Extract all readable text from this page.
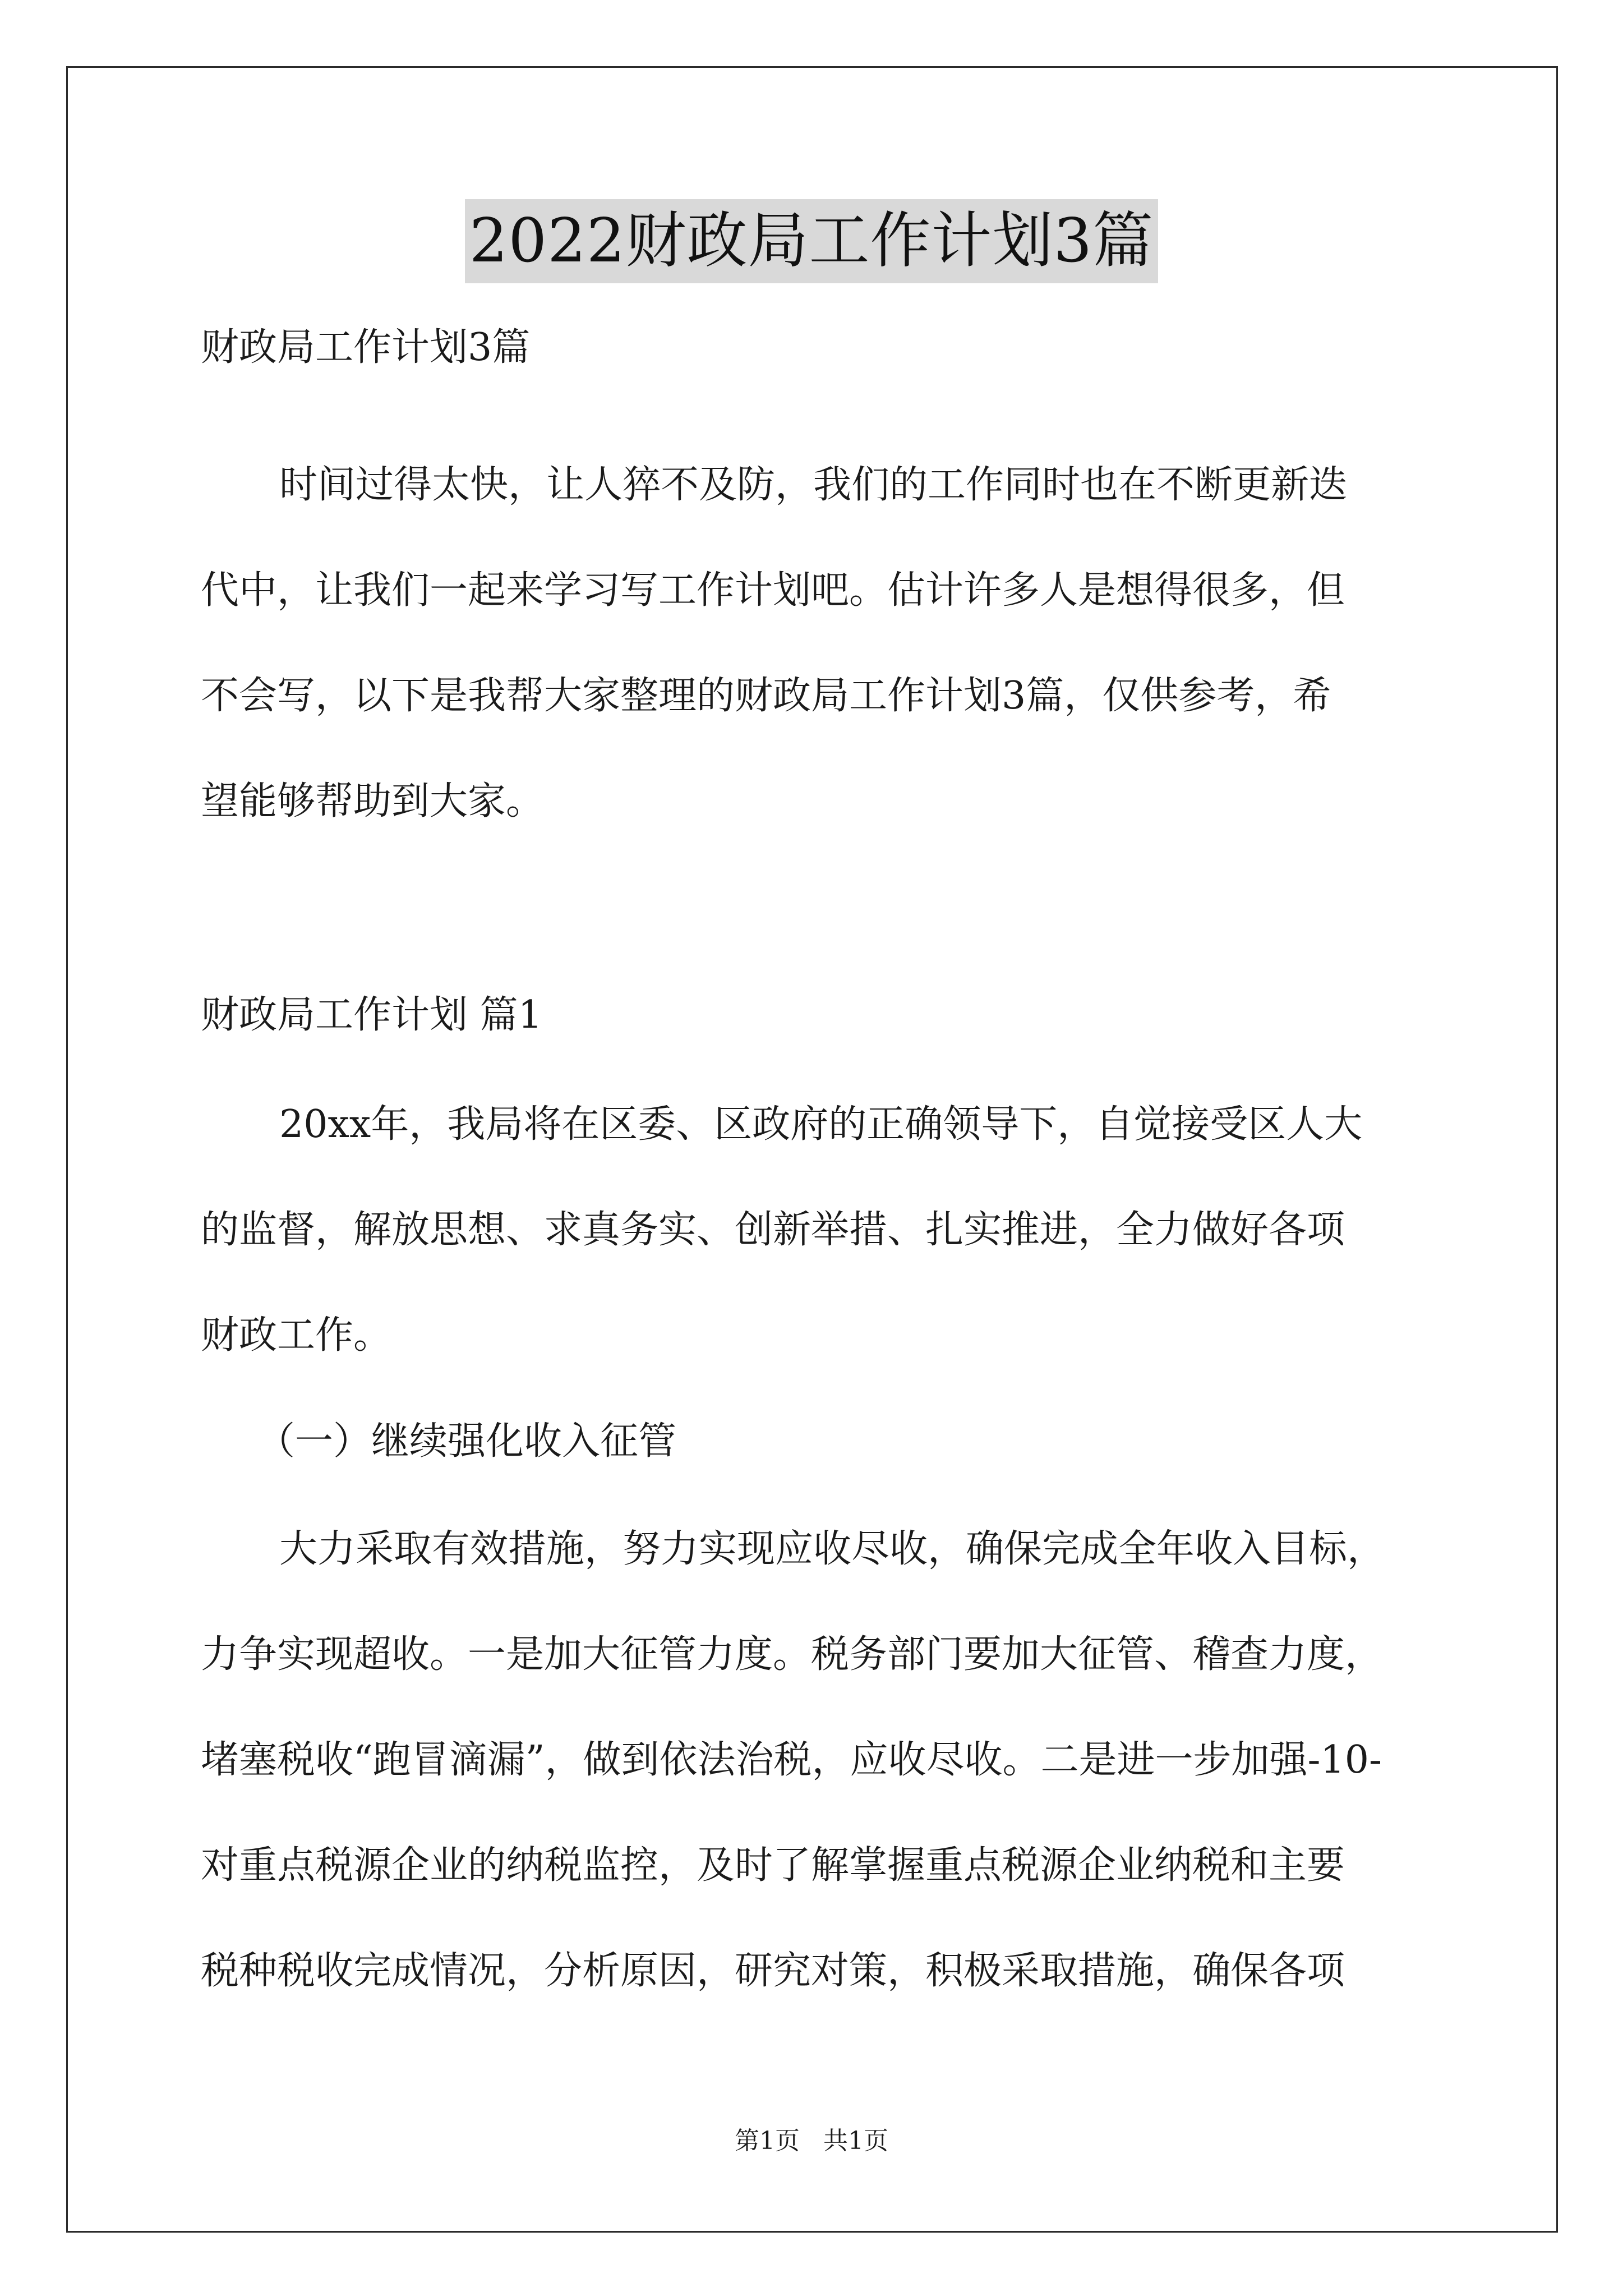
2022财政局工作计划3篇
财政局工作计划3篇
时间过得太快，让人猝不及防，我们的工作同时也在不断更新迭
代中，让我们一起来学习写工作计划吧。估计许多人是想得很多，但
不会写，以下是我帮大家整理的财政局工作计划3篇，仅供参考，希
望能够帮助到大家。
财政局工作计划 篇1
20xx年，我局将在区委、区政府的正确领导下，自觉接受区人大
的监督，解放思想、求真务实、创新举措、扎实推进，全力做好各项
财政工作。
（一）继续强化收入征管
大力采取有效措施，努力实现应收尽收，确保完成全年收入目标，
力争实现超收。一是加大征管力度。税务部门要加大征管、稽查力度，
堵塞税收“跑冒滴漏”，做到依法治税，应收尽收。二是进一步加强-10-
对重点税源企业的纳税监控，及时了解掌握重点税源企业纳税和主要
税种税收完成情况，分析原因，研究对策，积极采取措施，确保各项
第1页 共1页
